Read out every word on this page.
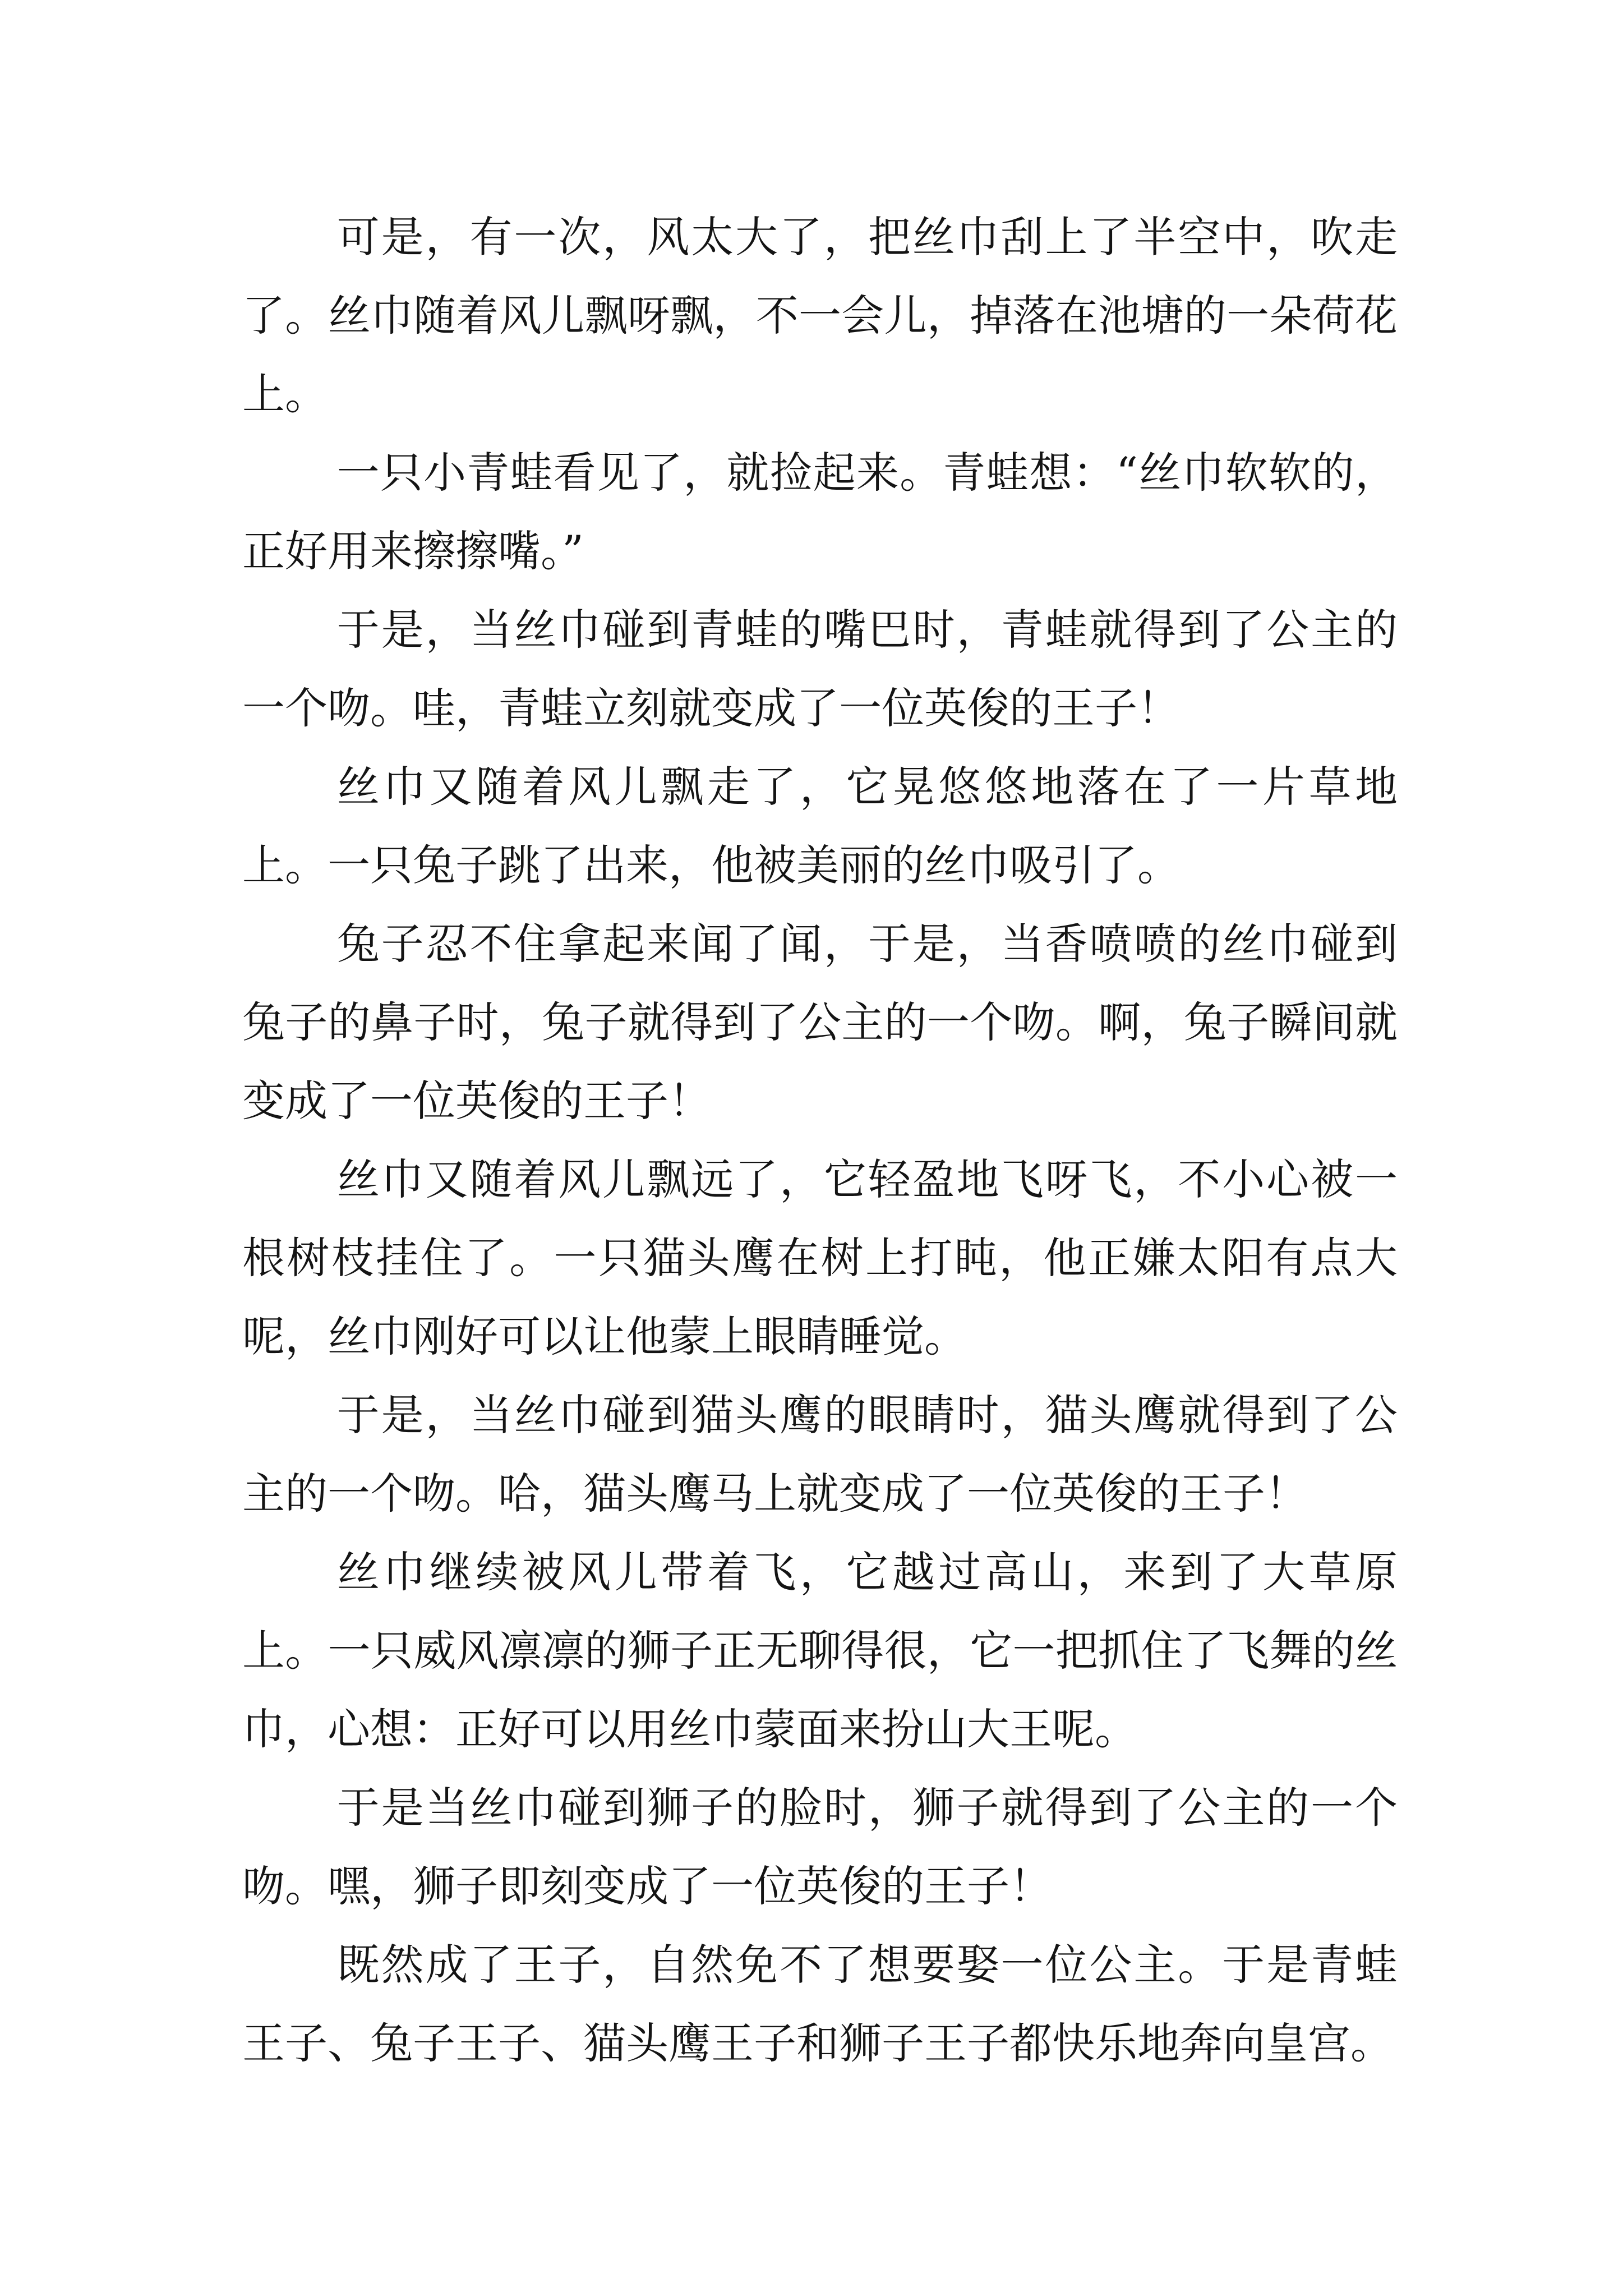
可是，有一次，风太大了，把丝巾刮上了半空中，吹走了。丝巾随着风儿飘呀飘，不一会儿，掉落在池塘的一朵荷花上。

一只小青蛙看见了，就捡起来。青蛙想：“丝巾软软的，正好用来擦擦嘴。”

于是，当丝巾碰到青蛙的嘴巴时，青蛙就得到了公主的一个吻。哇，青蛙立刻就变成了一位英俊的王子！

丝巾又随着风儿飘走了，它晃悠悠地落在了一片草地上。一只兔子跳了出来，他被美丽的丝巾吸引了。

兔子忍不住拿起来闻了闻，于是，当香喷喷的丝巾碰到兔子的鼻子时，兔子就得到了公主的一个吻。啊，兔子瞬间就变成了一位英俊的王子！

丝巾又随着风儿飘远了，它轻盈地飞呀飞，不小心被一根树枝挂住了。一只猫头鹰在树上打盹，他正嫌太阳有点大呢，丝巾刚好可以让他蒙上眼睛睡觉。

于是，当丝巾碰到猫头鹰的眼睛时，猫头鹰就得到了公主的一个吻。哈，猫头鹰马上就变成了一位英俊的王子！

丝巾继续被风儿带着飞，它越过高山，来到了大草原上。一只威风凛凛的狮子正无聊得很，它一把抓住了飞舞的丝巾，心想：正好可以用丝巾蒙面来扮山大王呢。

于是当丝巾碰到狮子的脸时，狮子就得到了公主的一个吻。嘿，狮子即刻变成了一位英俊的王子！

既然成了王子，自然免不了想要娶一位公主。于是青蛙王子、兔子王子、猫头鹰王子和狮子王子都快乐地奔向皇宫。
